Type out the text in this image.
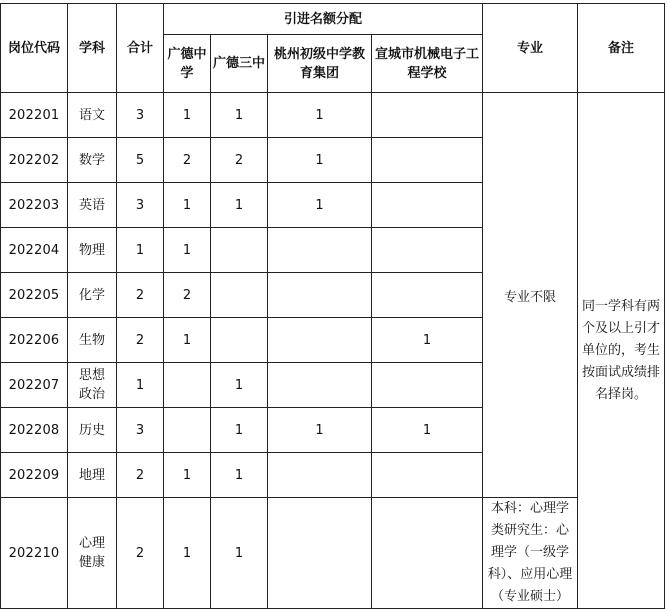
岗位代码	学科	合计	引进名额分配				专业	备注
			广德中学	广德三中	桃州初级中学教育集团	宣城市机械电子工程学校		
202201	语文	3	1	1	1		专业不限	同一学科有两个及以上引才单位的，考生按面试成绩排名择岗。

202202	数学	5	2	2	1			
202203	英语	3	1	1	1			
202204	物理	1	1					
202205	化学	2	2					
202206	生物	2	1			1		
202207	思想政治	1		1				
202208	历史	3		1	1	1		
202209	地理	2	1	1				
202210	心理健康	2	1	1			本科：心理学类研究生：心理学（一级学科）、应用心理（专业硕士）	
